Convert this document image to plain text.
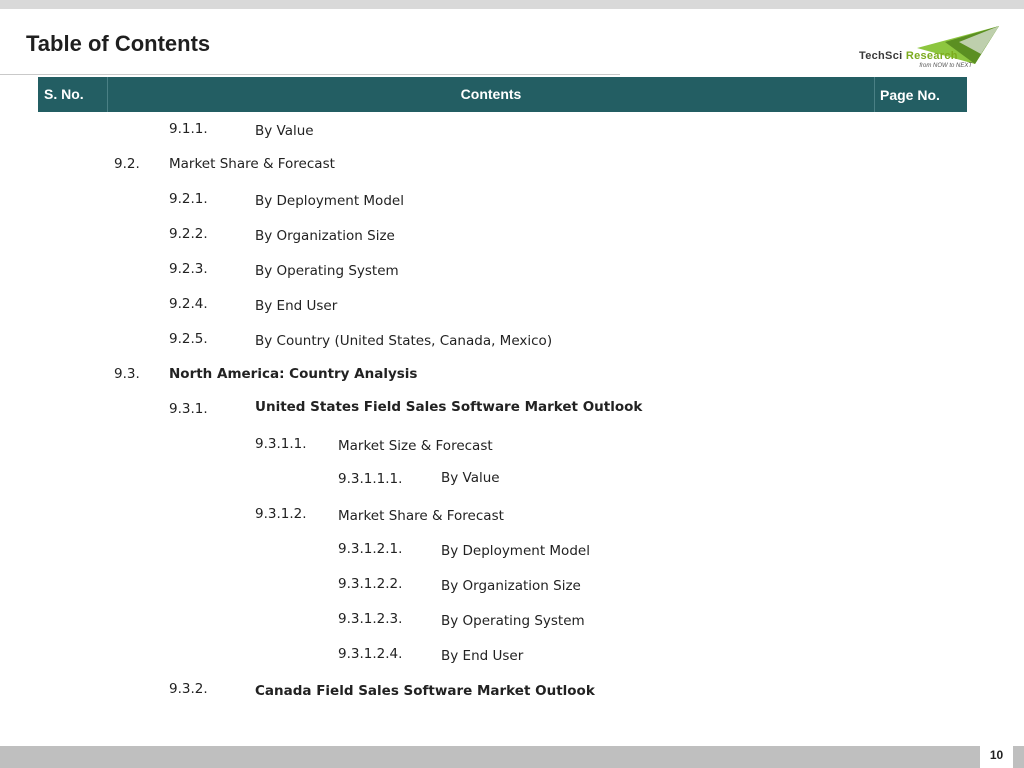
Table of Contents	TechSci Research
from NOW to NEXT
S. No.	Contents	Page No.
9.1.1.	By Value
9.2. Market Share & Forecast
9.2.1.	By Deployment Model
9.2.2.	By Organization Size
9.2.3.	By Operating System
9.2.4.	By End User
9.2.5.	By Country (United States, Canada, Mexico)
9.3. North America: Country Analysis
9.3.1.	United States Field Sales Software Market Outlook
9.3.1.1. Market Size & Forecast
9.3.1.1.1.	By Value
9.3.1.2. Market Share & Forecast
9.3.1.2.1.	By Deployment Model
9.3.1.2.2.	By Organization Size
9.3.1.2.3.	By Operating System
9.3.1.2.4.	By End User
9.3.2.	Canada Field Sales Software Market Outlook
10
